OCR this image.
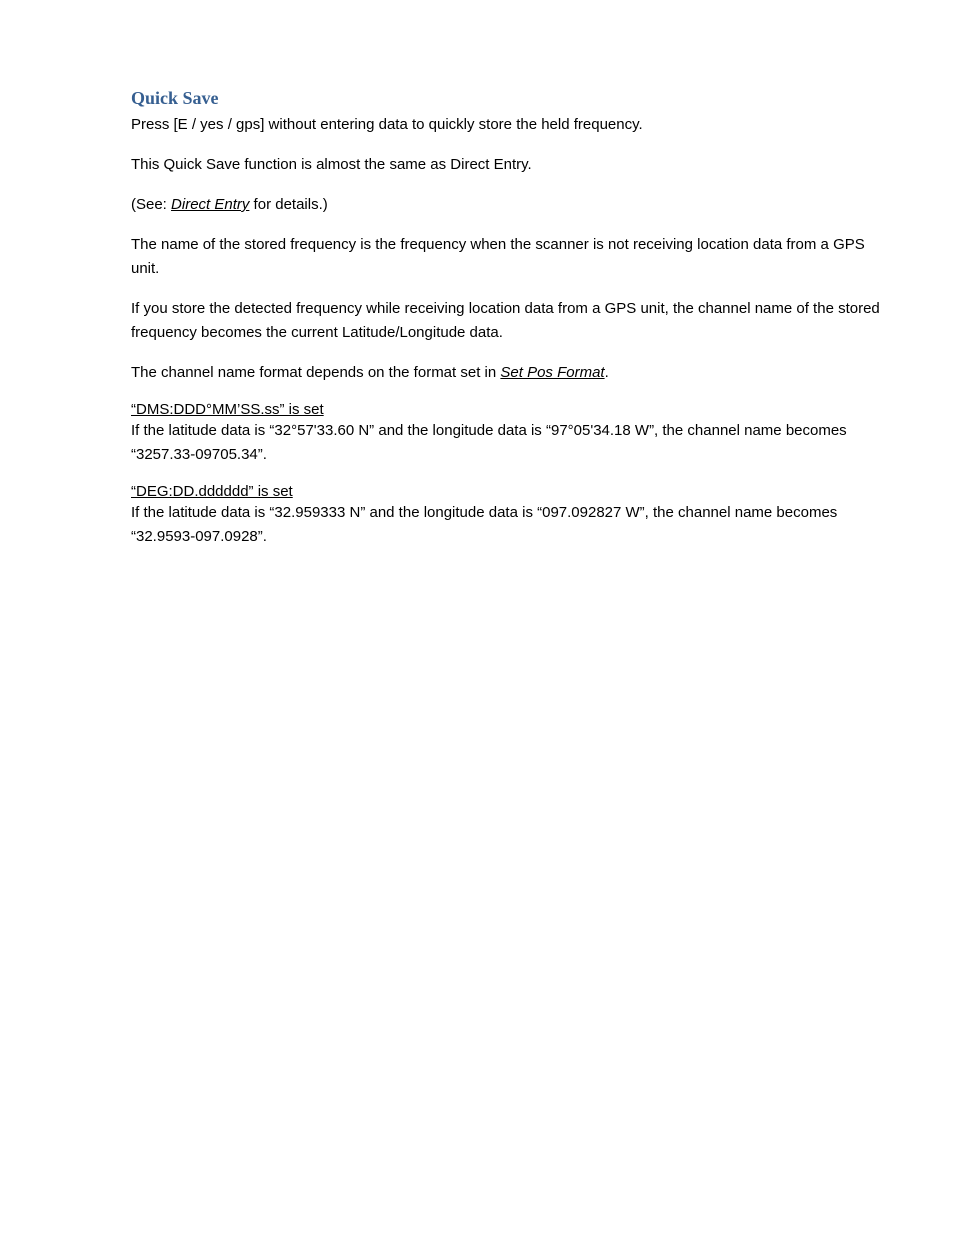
Quick Save

Press [E / yes / gps] without entering data to quickly store the held frequency.

This Quick Save function is almost the same as Direct Entry.

(See: Direct Entry for details.)

The name of the stored frequency is the frequency when the scanner is not receiving location data from a GPS unit.

If you store the detected frequency while receiving location data from a GPS unit, the channel name of the stored frequency becomes the current Latitude/Longitude data.

The channel name format depends on the format set in Set Pos Format.

“DMS:DDD°MM’SS.ss” is set

If the latitude data is “32°57'33.60 N” and the longitude data is “97°05'34.18 W”, the channel name becomes “3257.33-09705.34”.

“DEG:DD.dddddd” is set

If the latitude data is “32.959333 N” and the longitude data is “097.092827 W”, the channel name becomes “32.9593-097.0928”.
